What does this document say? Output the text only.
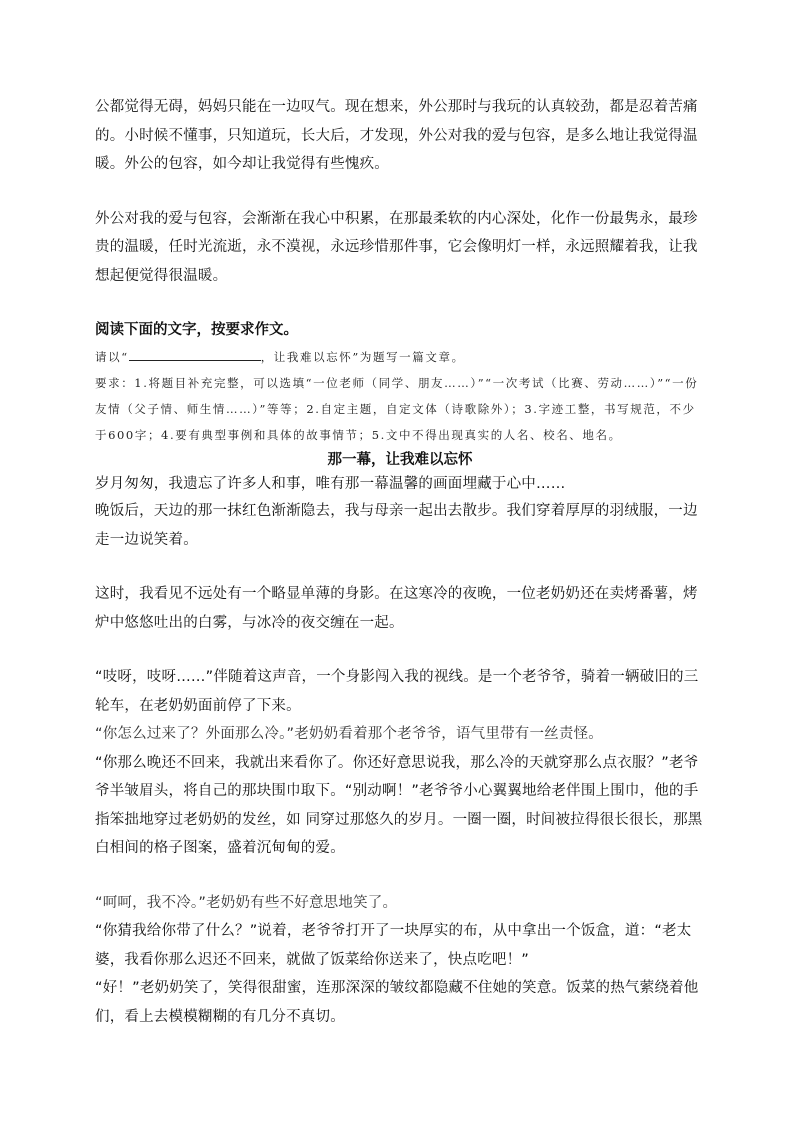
公都觉得无碍，妈妈只能在一边叹气。现在想来，外公那时与我玩的认真较劲，都是忍着苦痛的。小时候不懂事，只知道玩，长大后，才发现，外公对我的爱与包容，是多么地让我觉得温暖。外公的包容，如今却让我觉得有些愧疚。

外公对我的爱与包容，会渐渐在我心中积累，在那最柔软的内心深处，化作一份最隽永，最珍贵的温暖，任时光流逝，永不漠视，永远珍惜那件事，它会像明灯一样，永远照耀着我，让我想起便觉得很温暖。

阅读下面的文字，按要求作文。

请以“	，让我难以忘怀”为题写一篇文章。

要求：1.将题目补充完整，可以选填“一位老师（同学、朋友……）”“一次考试（比赛、劳动……）”“一份友情（父子情、师生情……）”等等；2.自定主题，自定文体（诗歌除外）；3.字迹工整，书写规范，不少于600字；4.要有典型事例和具体的故事情节；5.文中不得出现真实的人名、校名、地名。

那一幕，让我难以忘怀

岁月匆匆，我遗忘了许多人和事，唯有那一幕温馨的画面埋藏于心中……

晚饭后，天边的那一抹红色渐渐隐去，我与母亲一起出去散步。我们穿着厚厚的羽绒服，一边走一边说笑着。

这时，我看见不远处有一个略显单薄的身影。在这寒冷的夜晚，一位老奶奶还在卖烤番薯，烤炉中悠悠吐出的白雾，与冰冷的夜交缠在一起。

“吱呀，吱呀……”伴随着这声音，一个身影闯入我的视线。是一个老爷爷，骑着一辆破旧的三轮车，在老奶奶面前停了下来。

“你怎么过来了？外面那么冷。”老奶奶看着那个老爷爷，语气里带有一丝责怪。

“你那么晚还不回来，我就出来看你了。你还好意思说我，那么冷的天就穿那么点衣服？”老爷爷半皱眉头，将自己的那块围巾取下。“别动啊！”老爷爷小心翼翼地给老伴围上围巾，他的手指笨拙地穿过老奶奶的发丝，如 同穿过那悠久的岁月。一圈一圈，时间被拉得很长很长，那黑白相间的格子图案，盛着沉甸甸的爱。

“呵呵，我不冷。”老奶奶有些不好意思地笑了。

“你猜我给你带了什么？”说着，老爷爷打开了一块厚实的布，从中拿出一个饭盒，道：“老太婆，我看你那么迟还不回来，就做了饭菜给你送来了，快点吃吧！”

“好！”老奶奶笑了，笑得很甜蜜，连那深深的皱纹都隐藏不住她的笑意。饭菜的热气萦绕着他们，看上去模模糊糊的有几分不真切。
